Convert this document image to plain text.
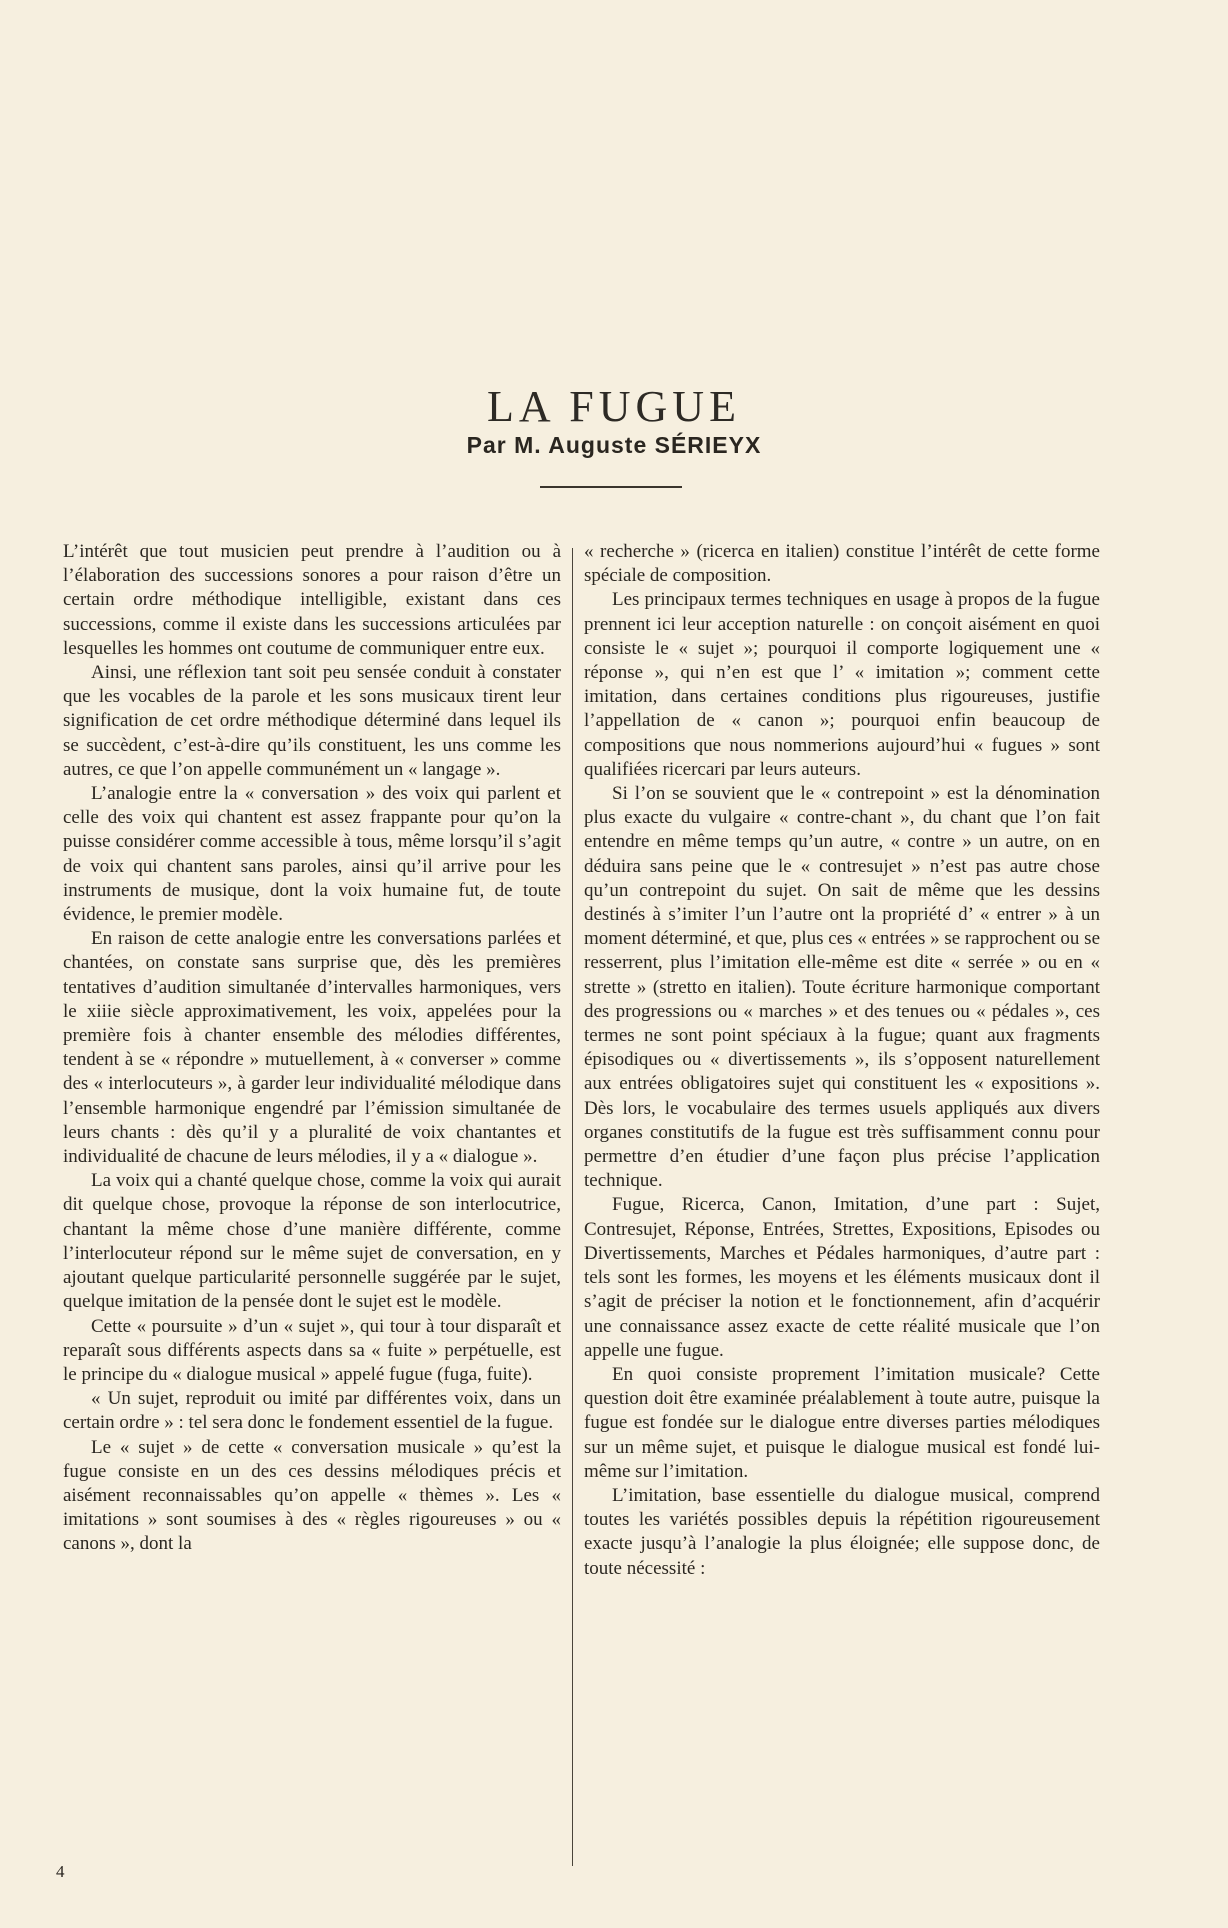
LA FUGUE
Par M. Auguste SÉRIEYX

L’intérêt que tout musicien peut prendre à l’audition ou à l’élaboration des successions sonores a pour raison d’être un certain ordre méthodique intelligible, existant dans ces successions, comme il existe dans les successions articulées par lesquelles les hommes ont coutume de communiquer entre eux.

Ainsi, une réflexion tant soit peu sensée conduit à constater que les vocables de la parole et les sons musicaux tirent leur signification de cet ordre méthodique déterminé dans lequel ils se succèdent, c’est-à-dire qu’ils constituent, les uns comme les autres, ce que l’on appelle communément un « langage ».

L’analogie entre la « conversation » des voix qui parlent et celle des voix qui chantent est assez frappante pour qu’on la puisse considérer comme accessible à tous, même lorsqu’il s’agit de voix qui chantent sans paroles, ainsi qu’il arrive pour les instruments de musique, dont la voix humaine fut, de toute évidence, le premier modèle.

En raison de cette analogie entre les conversations parlées et chantées, on constate sans surprise que, dès les premières tentatives d’audition simultanée d’intervalles harmoniques, vers le xiiie siècle approximativement, les voix, appelées pour la première fois à chanter ensemble des mélodies différentes, tendent à se « répondre » mutuellement, à « converser » comme des « interlocuteurs », à garder leur individualité mélodique dans l’ensemble harmonique engendré par l’émission simultanée de leurs chants : dès qu’il y a pluralité de voix chantantes et individualité de chacune de leurs mélodies, il y a « dialogue ».

La voix qui a chanté quelque chose, comme la voix qui aurait dit quelque chose, provoque la réponse de son interlocutrice, chantant la même chose d’une manière différente, comme l’interlocuteur répond sur le même sujet de conversation, en y ajoutant quelque particularité personnelle suggérée par le sujet, quelque imitation de la pensée dont le sujet est le modèle.

Cette « poursuite » d’un « sujet », qui tour à tour disparaît et reparaît sous différents aspects dans sa « fuite » perpétuelle, est le principe du « dialogue musical » appelé fugue (fuga, fuite).

« Un sujet, reproduit ou imité par différentes voix, dans un certain ordre » : tel sera donc le fondement essentiel de la fugue.

Le « sujet » de cette « conversation musicale » qu’est la fugue consiste en un des ces dessins mélodiques précis et aisément reconnaissables qu’on appelle « thèmes ». Les « imitations » sont soumises à des « règles rigoureuses » ou « canons », dont la

« recherche » (ricerca en italien) constitue l’intérêt de cette forme spéciale de composition.

Les principaux termes techniques en usage à propos de la fugue prennent ici leur acception naturelle : on conçoit aisément en quoi consiste le « sujet »; pourquoi il comporte logiquement une « réponse », qui n’en est que l’ « imitation »; comment cette imitation, dans certaines conditions plus rigoureuses, justifie l’appellation de « canon »; pourquoi enfin beaucoup de compositions que nous nommerions aujourd’hui « fugues » sont qualifiées ricercari par leurs auteurs.

Si l’on se souvient que le « contrepoint » est la dénomination plus exacte du vulgaire « contre-chant », du chant que l’on fait entendre en même temps qu’un autre, « contre » un autre, on en déduira sans peine que le « contresujet » n’est pas autre chose qu’un contrepoint du sujet. On sait de même que les dessins destinés à s’imiter l’un l’autre ont la propriété d’ « entrer » à un moment déterminé, et que, plus ces « entrées » se rapprochent ou se resserrent, plus l’imitation elle-même est dite « serrée » ou en « strette » (stretto en italien). Toute écriture harmonique comportant des progressions ou « marches » et des tenues ou « pédales », ces termes ne sont point spéciaux à la fugue; quant aux fragments épisodiques ou « divertissements », ils s’opposent naturellement aux entrées obligatoires sujet qui constituent les « expositions ». Dès lors, le vocabulaire des termes usuels appliqués aux divers organes constitutifs de la fugue est très suffisamment connu pour permettre d’en étudier d’une façon plus précise l’application technique.

Fugue, Ricerca, Canon, Imitation, d’une part : Sujet, Contresujet, Réponse, Entrées, Strettes, Expositions, Episodes ou Divertissements, Marches et Pédales harmoniques, d’autre part : tels sont les formes, les moyens et les éléments musicaux dont il s’agit de préciser la notion et le fonctionnement, afin d’acquérir une connaissance assez exacte de cette réalité musicale que l’on appelle une fugue.

En quoi consiste proprement l’imitation musicale? Cette question doit être examinée préalablement à toute autre, puisque la fugue est fondée sur le dialogue entre diverses parties mélodiques sur un même sujet, et puisque le dialogue musical est fondé lui-même sur l’imitation.

L’imitation, base essentielle du dialogue musical, comprend toutes les variétés possibles depuis la répétition rigoureusement exacte jusqu’à l’analogie la plus éloignée; elle suppose donc, de toute nécessité :

4
